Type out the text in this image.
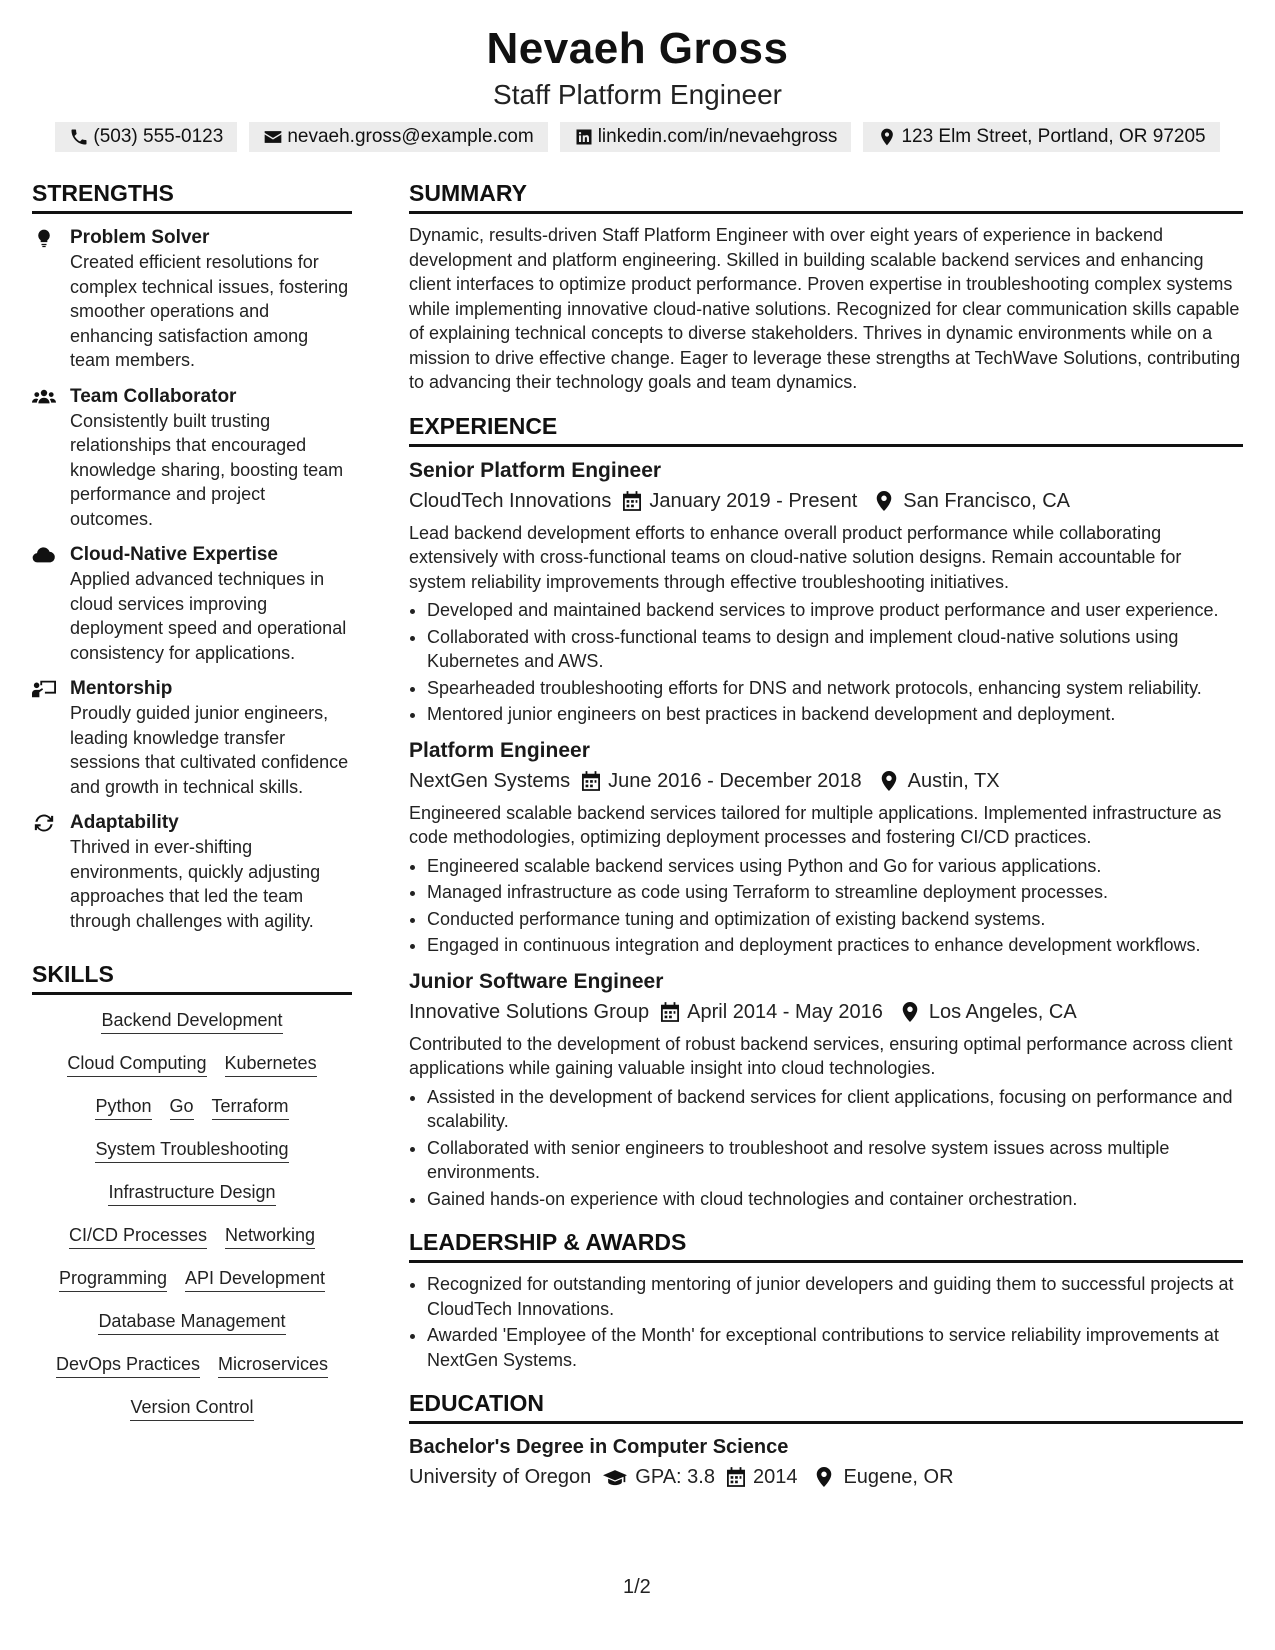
Nevaeh Gross
Staff Platform Engineer
(503) 555-0123	nevaeh.gross@example.com	linkedin.com/in/nevaehgross	123 Elm Street, Portland, OR 97205
STRENGTHS
Problem Solver
Created efficient resolutions for complex technical issues, fostering smoother operations and enhancing satisfaction among team members.
Team Collaborator
Consistently built trusting relationships that encouraged knowledge sharing, boosting team performance and project outcomes.
Cloud-Native Expertise
Applied advanced techniques in cloud services improving deployment speed and operational consistency for applications.
Mentorship
Proudly guided junior engineers, leading knowledge transfer sessions that cultivated confidence and growth in technical skills.
Adaptability
Thrived in ever-shifting environments, quickly adjusting approaches that led the team through challenges with agility.
SKILLS
Backend Development
Cloud Computing Kubernetes
Python Go Terraform
System Troubleshooting
Infrastructure Design
CI/CD Processes Networking
Programming API Development
Database Management
DevOps Practices Microservices
Version Control
SUMMARY
Dynamic, results-driven Staff Platform Engineer with over eight years of experience in backend development and platform engineering. Skilled in building scalable backend services and enhancing client interfaces to optimize product performance. Proven expertise in troubleshooting complex systems while implementing innovative cloud-native solutions. Recognized for clear communication skills capable of explaining technical concepts to diverse stakeholders. Thrives in dynamic environments while on a mission to drive effective change. Eager to leverage these strengths at TechWave Solutions, contributing to advancing their technology goals and team dynamics.
EXPERIENCE
Senior Platform Engineer
CloudTech Innovations January 2019 - Present San Francisco, CA
Lead backend development efforts to enhance overall product performance while collaborating extensively with cross-functional teams on cloud-native solution designs. Remain accountable for system reliability improvements through effective troubleshooting initiatives.
• Developed and maintained backend services to improve product performance and user experience.
• Collaborated with cross-functional teams to design and implement cloud-native solutions using Kubernetes and AWS.
• Spearheaded troubleshooting efforts for DNS and network protocols, enhancing system reliability.
• Mentored junior engineers on best practices in backend development and deployment.
Platform Engineer
NextGen Systems June 2016 - December 2018 Austin, TX
Engineered scalable backend services tailored for multiple applications. Implemented infrastructure as code methodologies, optimizing deployment processes and fostering CI/CD practices.
• Engineered scalable backend services using Python and Go for various applications.
• Managed infrastructure as code using Terraform to streamline deployment processes.
• Conducted performance tuning and optimization of existing backend systems.
• Engaged in continuous integration and deployment practices to enhance development workflows.
Junior Software Engineer
Innovative Solutions Group April 2014 - May 2016 Los Angeles, CA
Contributed to the development of robust backend services, ensuring optimal performance across client applications while gaining valuable insight into cloud technologies.
• Assisted in the development of backend services for client applications, focusing on performance and scalability.
• Collaborated with senior engineers to troubleshoot and resolve system issues across multiple environments.
• Gained hands-on experience with cloud technologies and container orchestration.
LEADERSHIP & AWARDS
• Recognized for outstanding mentoring of junior developers and guiding them to successful projects at CloudTech Innovations.
• Awarded 'Employee of the Month' for exceptional contributions to service reliability improvements at NextGen Systems.
EDUCATION
Bachelor's Degree in Computer Science
University of Oregon GPA: 3.8 2014 Eugene, OR
1/2
